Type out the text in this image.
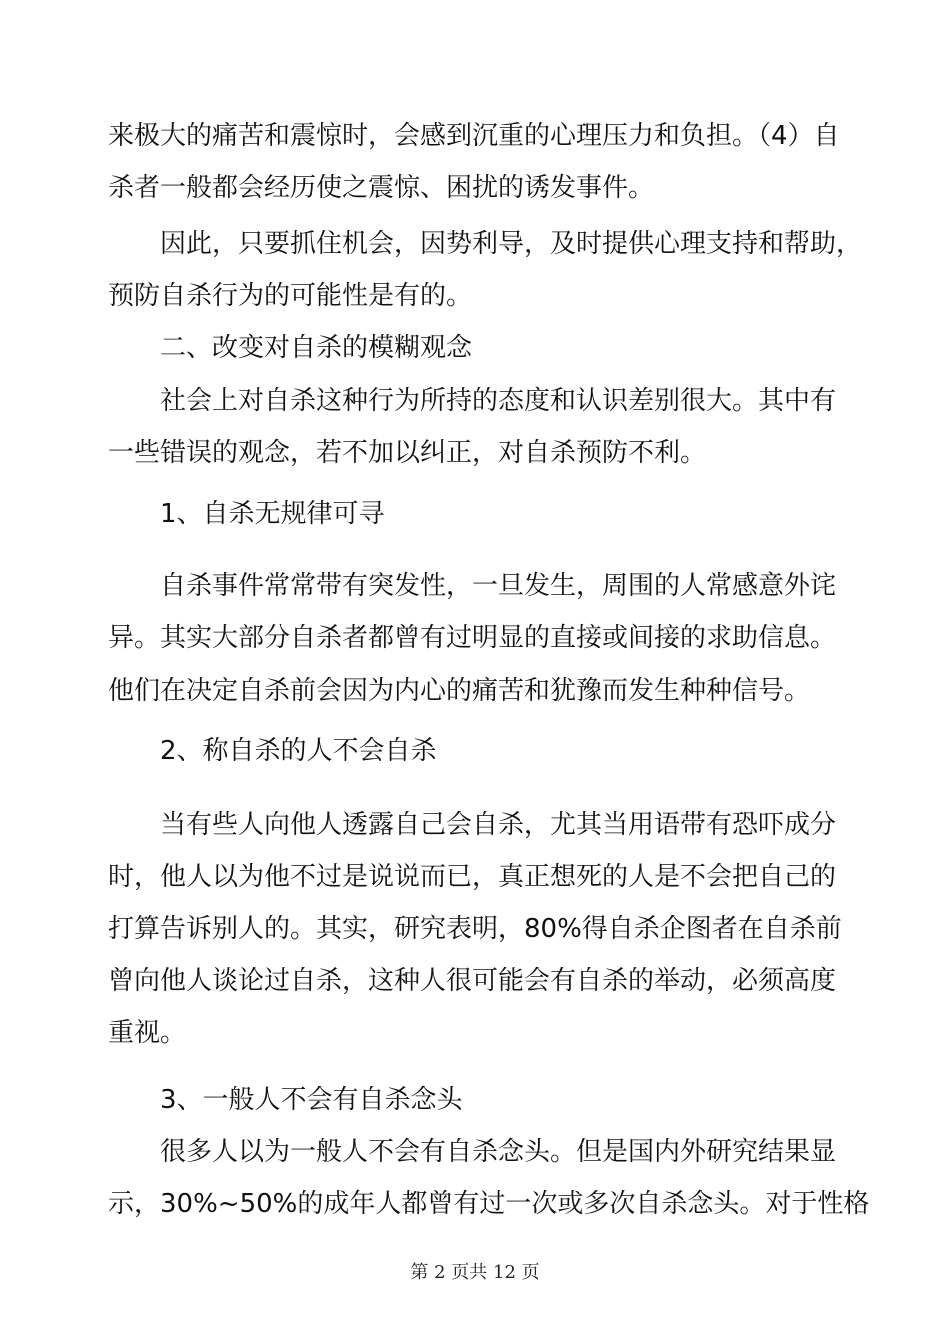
来极大的痛苦和震惊时，会感到沉重的心理压力和负担。（4）自
杀者一般都会经历使之震惊、困扰的诱发事件。
因此，只要抓住机会，因势利导，及时提供心理支持和帮助，
预防自杀行为的可能性是有的。
二、改变对自杀的模糊观念
社会上对自杀这种行为所持的态度和认识差别很大。其中有
一些错误的观念，若不加以纠正，对自杀预防不利。
1、自杀无规律可寻
自杀事件常常带有突发性，一旦发生，周围的人常感意外诧
异。其实大部分自杀者都曾有过明显的直接或间接的求助信息。
他们在决定自杀前会因为内心的痛苦和犹豫而发生种种信号。
2、称自杀的人不会自杀
当有些人向他人透露自己会自杀，尤其当用语带有恐吓成分
时，他人以为他不过是说说而已，真正想死的人是不会把自己的
打算告诉别人的。其实，研究表明，80%得自杀企图者在自杀前
曾向他人谈论过自杀，这种人很可能会有自杀的举动，必须高度
重视。
3、一般人不会有自杀念头
很多人以为一般人不会有自杀念头。但是国内外研究结果显
示，30%~50%的成年人都曾有过一次或多次自杀念头。对于性格
第 2 页共 12 页
